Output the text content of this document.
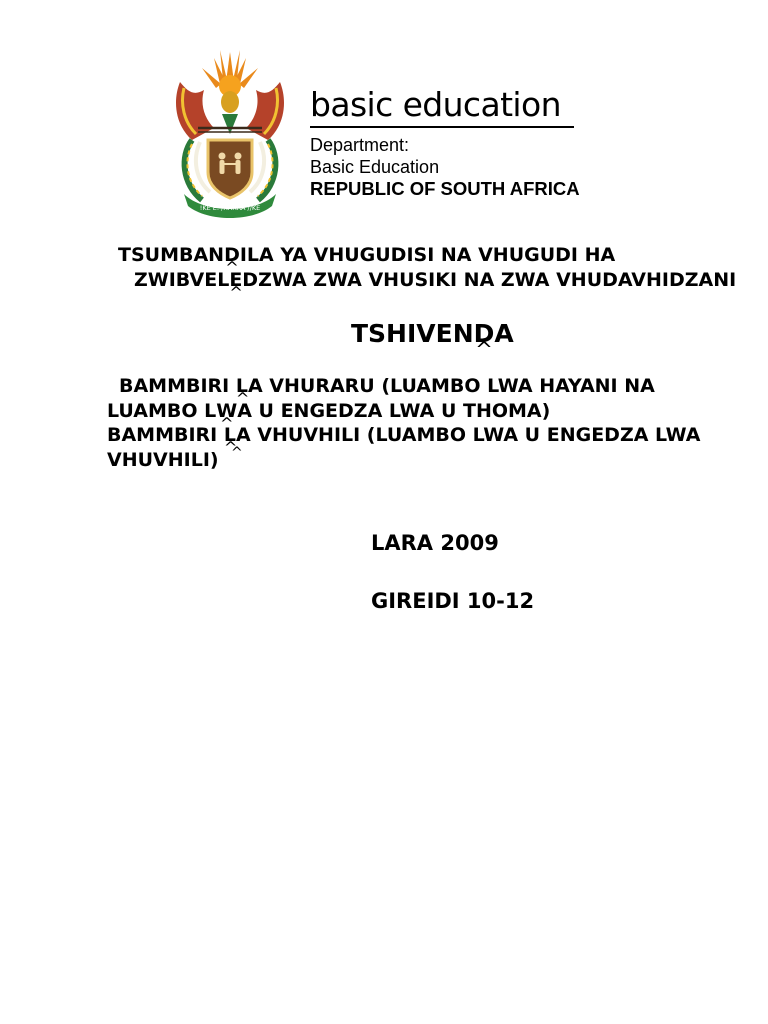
!KE E: /XARRA //KE
basic education
Department:
Basic Education
REPUBLIC OF SOUTH AFRICA
TSUMBAND ^ILA YA VHUGUDISI NA VHUGUDI HA
ZWIBVELE ^DZWA ZWA VHUSIKI NA ZWA VHUDAVHIDZANI
TSHIVEND ^A
BAMMBIRI L ^A VHURARU (LUAMBO LWA HAYANI NA
LUAMBO LW ^A U ENGEDZA LWA U THOMA)
BAMMBIRI L ^A VHUVHILI (LUAMBO LWA U ENGEDZA LWA
VHUVHILI) ^
LARA 2009
GIREIDI 10-12
